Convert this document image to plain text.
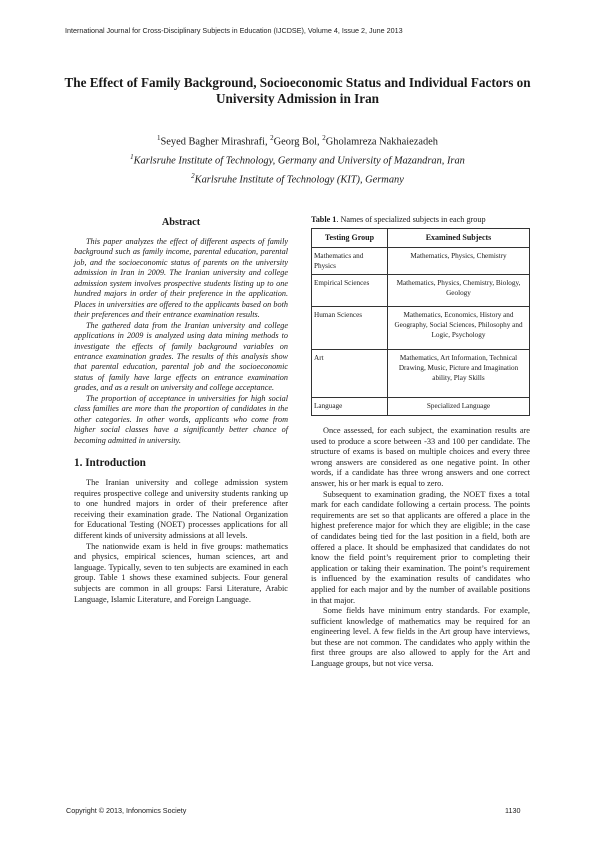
International Journal for Cross-Disciplinary Subjects in Education (IJCDSE), Volume 4, Issue 2, June 2013
The Effect of Family Background, Socioeconomic Status and Individual Factors on University Admission in Iran
$^1$Seyed Bagher Mirashrafi, $^2$Georg Bol, $^2$Gholamreza Nakhaiezadeh
$^1$Karlsruhe Institute of Technology, Germany and University of Mazandran, Iran
$^2$Karlsruhe Institute of Technology (KIT), Germany
Abstract

This paper analyzes the effect of different aspects of family background such as family income, parental education, parental job, and the socioeconomic status of parents on the university admission in Iran in 2009. The Iranian university and college admission system involves prospective students listing up to one hundred majors in order of their preference in the application. Places in universities are offered to the applicants based on both their preferences and their entrance examination results.

The gathered data from the Iranian university and college applications in 2009 is analyzed using data mining methods to investigate the effects of family background variables on entrance examination grades. The results of this analysis show that parental education, parental job and the socioeconomic status of family have large effects on entrance examination grades, and as a result on university and college acceptance.

The proportion of acceptance in universities for high social class families are more than the proportion of candidates in the other categories. In other words, applicants who come from higher social classes have a significantly better chance of becoming admitted in university.

1. Introduction

The Iranian university and college admission system requires prospective college and university students ranking up to one hundred majors in order of their preference after receiving their examination grade. The National Organization for Educational Testing (NOET) processes applications for all different kinds of university admissions at all levels.

The nationwide exam is held in five groups: mathematics and physics, empirical sciences, human sciences, art and language. Typically, seven to ten subjects are examined in each group. Table 1 shows these examined subjects. Four general subjects are common in all groups: Farsi Literature, Arabic Language, Islamic Literature, and Foreign Language.

Table 1. Names of specialized subjects in each group
Testing Group	Examined Subjects
Mathematics and Physics	Mathematics, Physics, Chemistry
Empirical Sciences	Mathematics, Physics, Chemistry, Biology, Geology
Human Sciences	Mathematics, Economics, History and Geography, Social Sciences, Philosophy and Logic, Psychology
Art	Mathematics, Art Information, Technical Drawing, Music, Picture and Imagination ability, Play Skills
Language	Specialized Language

Once assessed, for each subject, the examination results are used to produce a score between -33 and 100 per candidate. The structure of exams is based on multiple choices and every three wrong answers are considered as one negative point. In other words, if a candidate has three wrong answers and one correct answer, his or her mark is equal to zero.

Subsequent to examination grading, the NOET fixes a total mark for each candidate following a certain process. The points requirements are set so that applicants are offered a place in the highest preference major for which they are eligible; in the case of candidates being tied for the last position in a field, both are offered a place. It should be emphasized that candidates do not know the field point’s requirement prior to completing their application or taking their examination. The point’s requirement is influenced by the examination results of candidates who applied for each major and by the number of available positions in that major.

Some fields have minimum entry standards. For example, sufficient knowledge of mathematics may be required for an engineering level. A few fields in the Art group have interviews, but these are not common. The candidates who apply within the first three groups are also allowed to apply for the Art and Language groups, but not vice versa.

Copyright © 2013, Infonomics Society	1130
